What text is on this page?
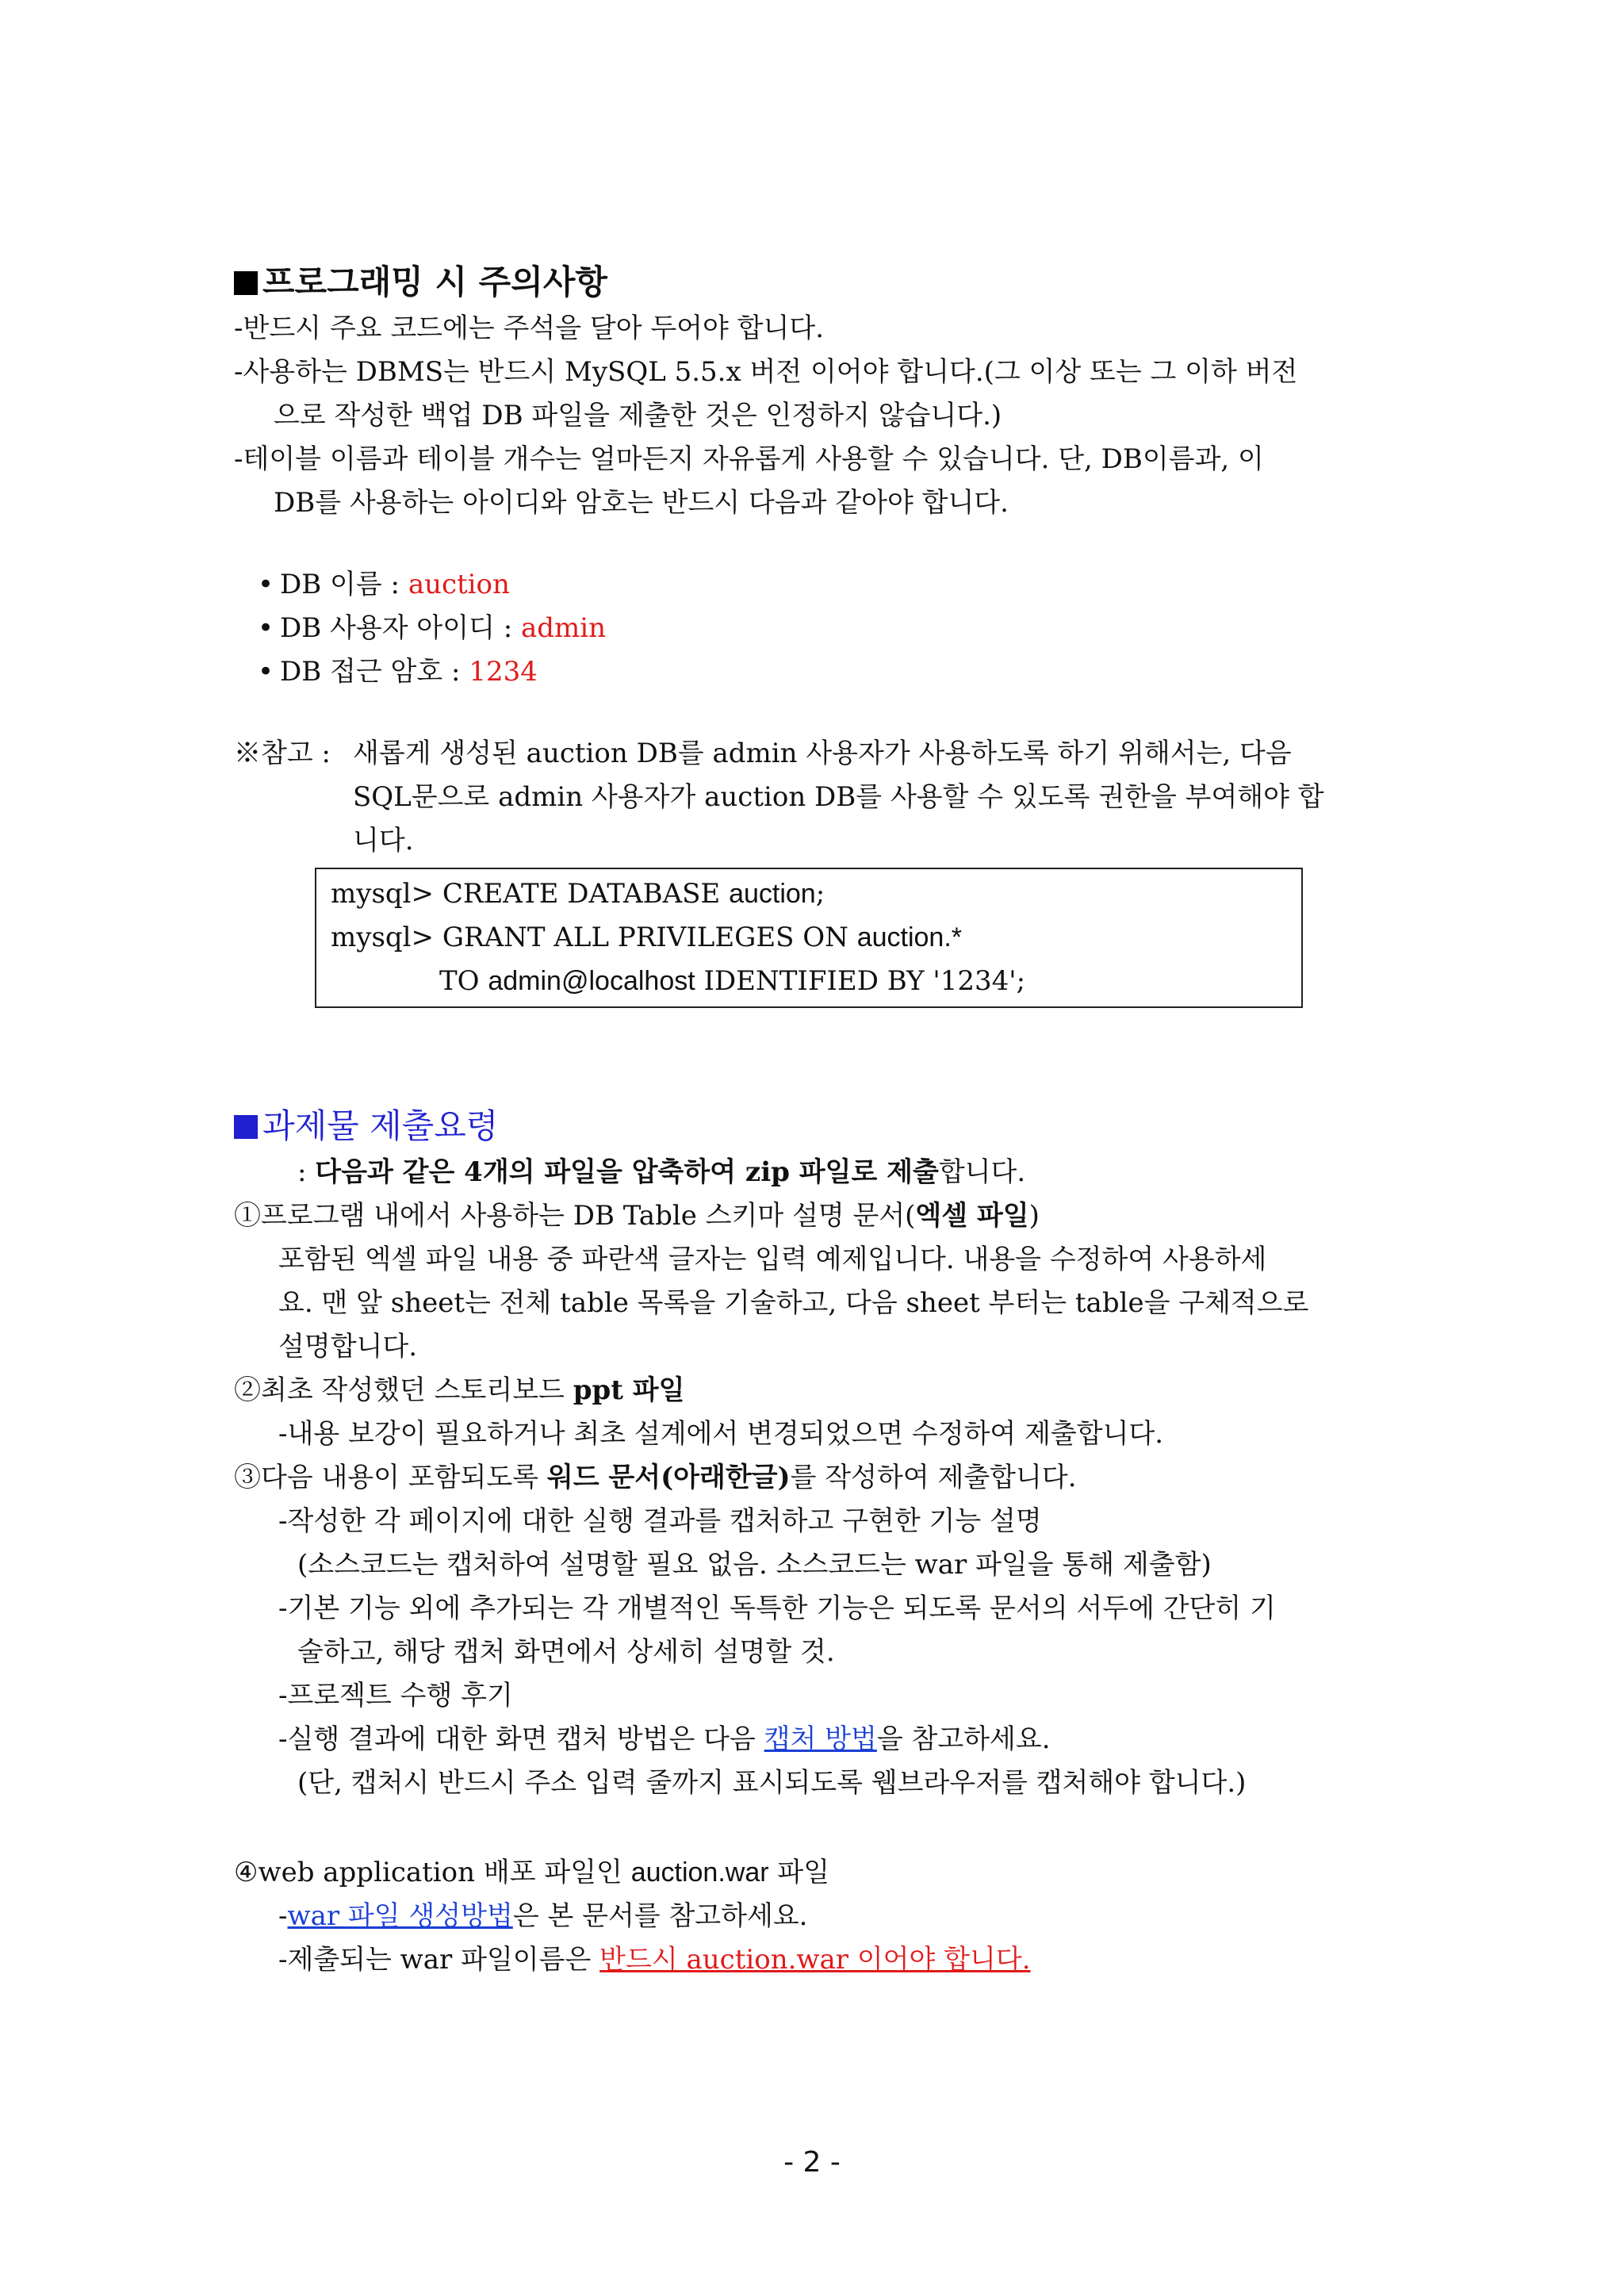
프로그래밍 시 주의사항
-반드시 주요 코드에는 주석을 달아 두어야 합니다.
-사용하는 DBMS는 반드시 MySQL 5.5.x 버전 이어야 합니다.(그 이상 또는 그 이하 버전
으로 작성한 백업 DB 파일을 제출한 것은 인정하지 않습니다.)
-테이블 이름과 테이블 개수는 얼마든지 자유롭게 사용할 수 있습니다. 단, DB이름과, 이
DB를 사용하는 아이디와 암호는 반드시 다음과 같아야 합니다.
• DB 이름 : auction
• DB 사용자 아이디 : admin
• DB 접근 암호 : 1234
※참고 : 새롭게 생성된 auction DB를 admin 사용자가 사용하도록 하기 위해서는, 다음
SQL문으로 admin 사용자가 auction DB를 사용할 수 있도록 권한을 부여해야 합
니다.
mysql> CREATE DATABASE auction;
mysql> GRANT ALL PRIVILEGES ON auction.*
TO admin@localhost IDENTIFIED BY '1234';
과제물 제출요령
: 다음과 같은 4개의 파일을 압축하여 zip 파일로 제출합니다.
①프로그램 내에서 사용하는 DB Table 스키마 설명 문서(엑셀 파일)
포함된 엑셀 파일 내용 중 파란색 글자는 입력 예제입니다. 내용을 수정하여 사용하세
요. 맨 앞 sheet는 전체 table 목록을 기술하고, 다음 sheet 부터는 table을 구체적으로
설명합니다.
②최초 작성했던 스토리보드 ppt 파일
-내용 보강이 필요하거나 최초 설계에서 변경되었으면 수정하여 제출합니다.
③다음 내용이 포함되도록 워드 문서(아래한글)를 작성하여 제출합니다.
-작성한 각 페이지에 대한 실행 결과를 캡처하고 구현한 기능 설명
(소스코드는 캡처하여 설명할 필요 없음. 소스코드는 war 파일을 통해 제출함)
-기본 기능 외에 추가되는 각 개별적인 독특한 기능은 되도록 문서의 서두에 간단히 기
술하고, 해당 캡처 화면에서 상세히 설명할 것.
-프로젝트 수행 후기
-실행 결과에 대한 화면 캡처 방법은 다음 캡처 방법을 참고하세요.
(단, 캡처시 반드시 주소 입력 줄까지 표시되도록 웹브라우저를 캡처해야 합니다.)
④web application 배포 파일인 auction.war 파일
-war 파일 생성방법은 본 문서를 참고하세요.
-제출되는 war 파일이름은 반드시 auction.war 이어야 합니다.
- 2 -
